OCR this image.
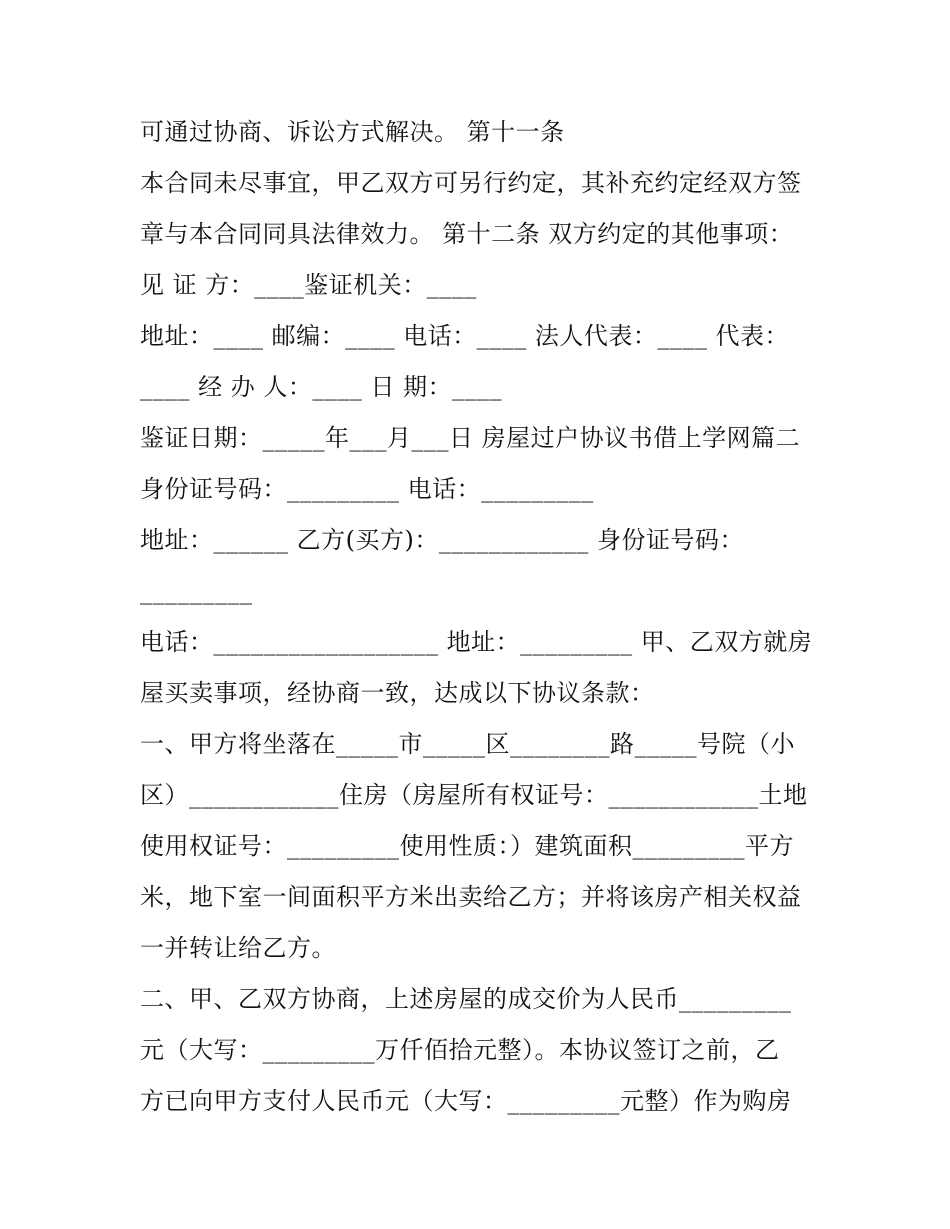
可通过协商、诉讼方式解决。 第十一条
本合同未尽事宜，甲乙双方可另行约定，其补充约定经双方签
章与本合同同具法律效力。 第十二条 双方约定的其他事项：
见 证 方：____鉴证机关：____
地址：____ 邮编：____ 电话：____ 法人代表：____ 代表：
____ 经 办 人：____ 日 期：____
鉴证日期：_____年___月___日 房屋过户协议书借上学网篇二
身份证号码：_________ 电话：_________
地址：______ 乙方(买方)：____________ 身份证号码：
_________
电话：__________________ 地址：_________ 甲、乙双方就房
屋买卖事项，经协商一致，达成以下协议条款：
一、甲方将坐落在_____市_____区________路_____号院（小
区）____________住房（房屋所有权证号：____________土地
使用权证号：_________使用性质：）建筑面积_________平方
米，地下室一间面积平方米出卖给乙方；并将该房产相关权益
一并转让给乙方。
二、甲、乙双方协商，上述房屋的成交价为人民币_________
元（大写：_________万仟佰拾元整）。本协议签订之前，乙
方已向甲方支付人民币元（大写：_________元整）作为购房
